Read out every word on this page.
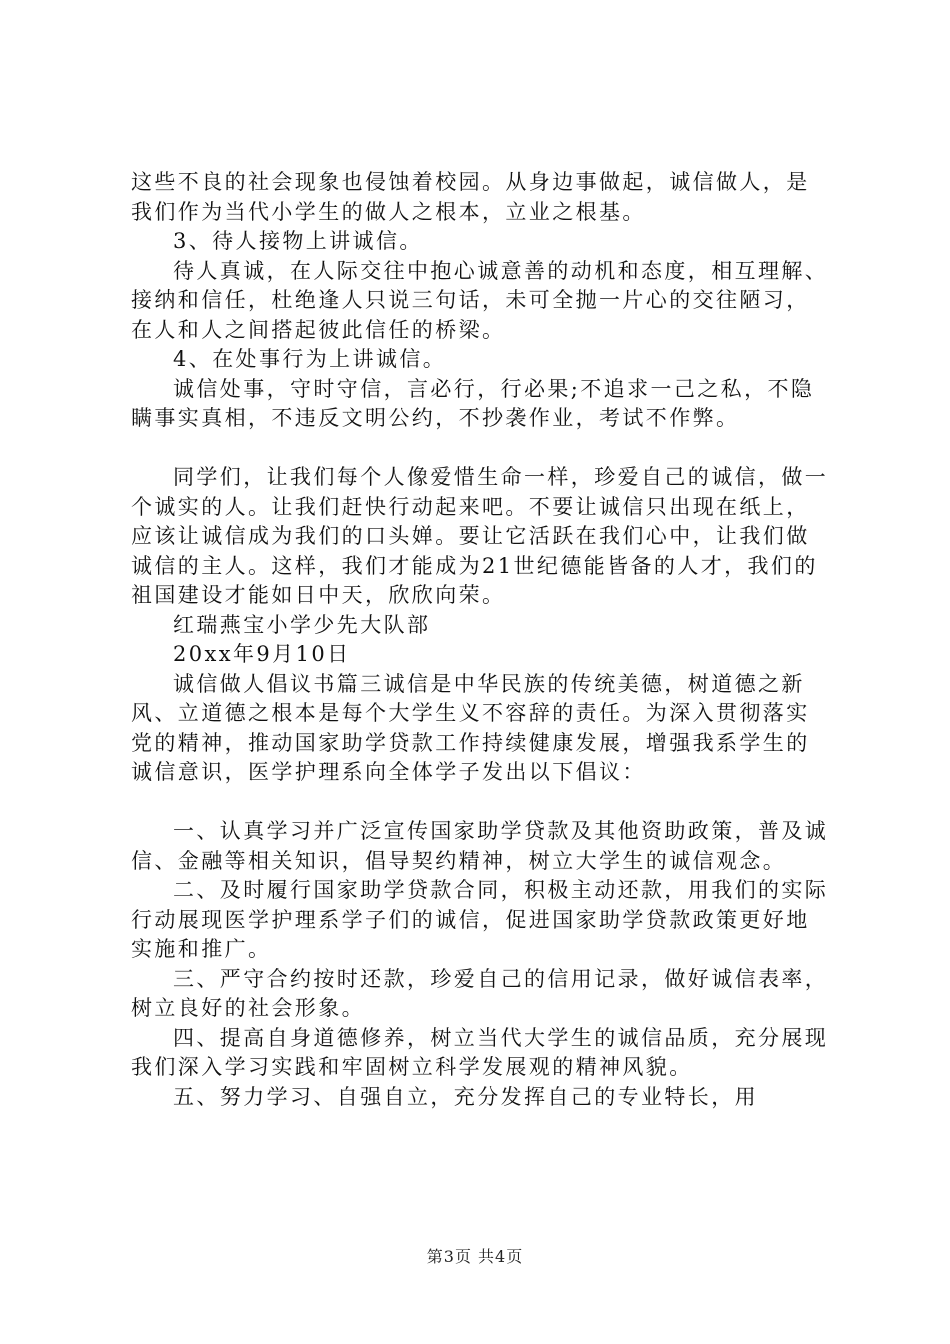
这些不良的社会现象也侵蚀着校园。从身边事做起，诚信做人，是我们作为当代小学生的做人之根本，立业之根基。

3、待人接物上讲诚信。

待人真诚，在人际交往中抱心诚意善的动机和态度，相互理解、接纳和信任，杜绝逢人只说三句话，未可全抛一片心的交往陋习，在人和人之间搭起彼此信任的桥梁。

4、在处事行为上讲诚信。

诚信处事，守时守信，言必行，行必果;不追求一己之私，不隐瞒事实真相，不违反文明公约，不抄袭作业，考试不作弊。

同学们，让我们每个人像爱惜生命一样，珍爱自己的诚信，做一个诚实的人。让我们赶快行动起来吧。不要让诚信只出现在纸上，应该让诚信成为我们的口头婵。要让它活跃在我们心中，让我们做诚信的主人。这样，我们才能成为21世纪德能皆备的人才，我们的祖国建设才能如日中天，欣欣向荣。

红瑞燕宝小学少先大队部

20xx年9月10日

诚信做人倡议书篇三诚信是中华民族的传统美德，树道德之新风、立道德之根本是每个大学生义不容辞的责任。为深入贯彻落实党的精神，推动国家助学贷款工作持续健康发展，增强我系学生的诚信意识，医学护理系向全体学子发出以下倡议：

一、认真学习并广泛宣传国家助学贷款及其他资助政策，普及诚信、金融等相关知识，倡导契约精神，树立大学生的诚信观念。

二、及时履行国家助学贷款合同，积极主动还款，用我们的实际行动展现医学护理系学子们的诚信，促进国家助学贷款政策更好地实施和推广。

三、严守合约按时还款，珍爱自己的信用记录，做好诚信表率，树立良好的社会形象。

四、提高自身道德修养，树立当代大学生的诚信品质，充分展现我们深入学习实践和牢固树立科学发展观的精神风貌。

五、努力学习、自强自立，充分发挥自己的专业特长，用

第3页 共4页
